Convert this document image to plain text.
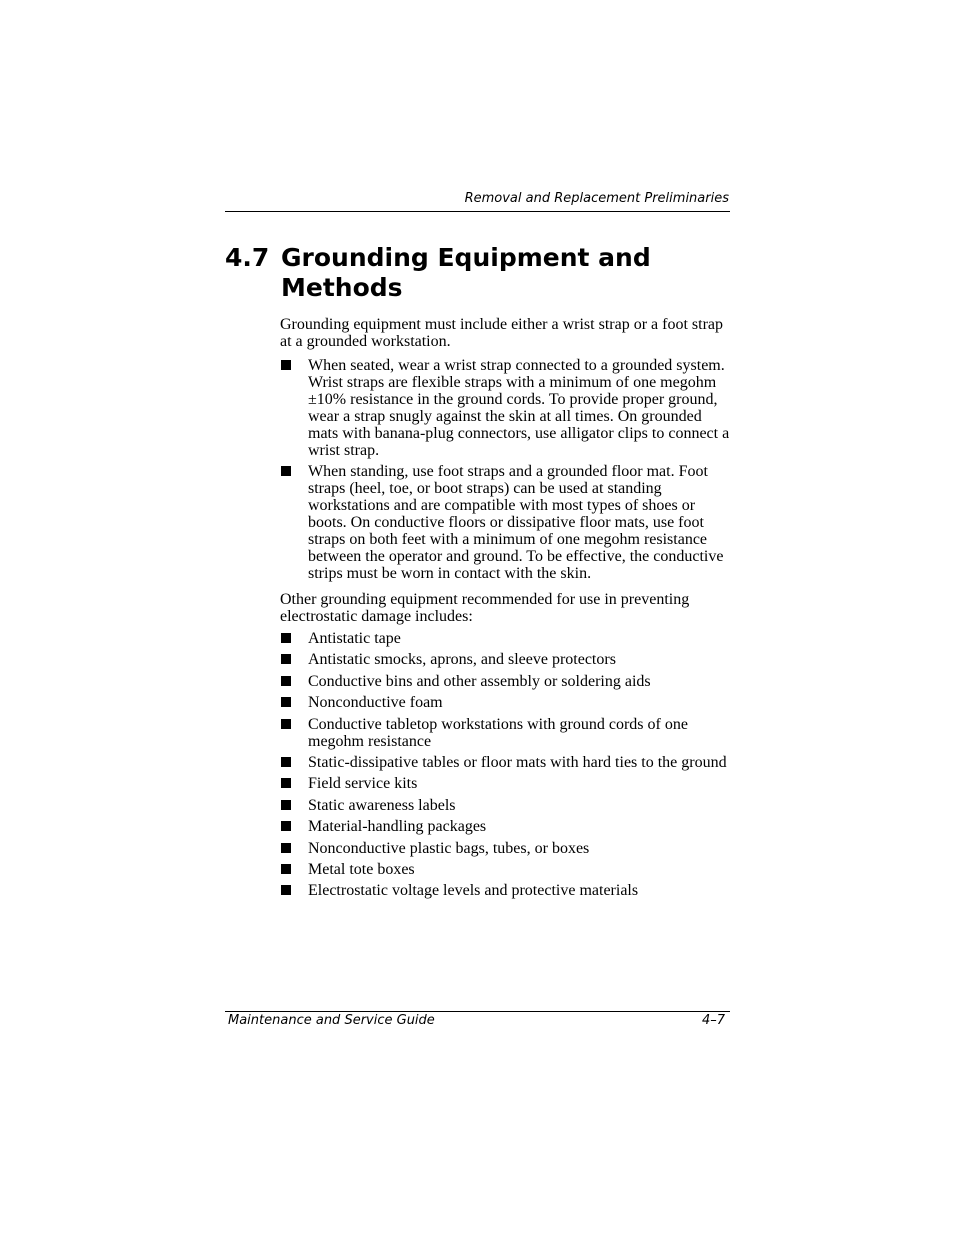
Removal and Replacement Preliminaries
4.7 Grounding Equipment and
Methods

Grounding equipment must include either a wrist strap or a foot strap at a grounded workstation.

When seated, wear a wrist strap connected to a grounded system. Wrist straps are flexible straps with a minimum of one megohm ±10% resistance in the ground cords. To provide proper ground, wear a strap snugly against the skin at all times. On grounded mats with banana-plug connectors, use alligator clips to connect a wrist strap.
When standing, use foot straps and a grounded floor mat. Foot straps (heel, toe, or boot straps) can be used at standing workstations and are compatible with most types of shoes or boots. On conductive floors or dissipative floor mats, use foot straps on both feet with a minimum of one megohm resistance between the operator and ground. To be effective, the conductive strips must be worn in contact with the skin.

Other grounding equipment recommended for use in preventing electrostatic damage includes:

Antistatic tape
Antistatic smocks, aprons, and sleeve protectors
Conductive bins and other assembly or soldering aids
Nonconductive foam
Conductive tabletop workstations with ground cords of one megohm resistance
Static-dissipative tables or floor mats with hard ties to the ground
Field service kits
Static awareness labels
Material-handling packages
Nonconductive plastic bags, tubes, or boxes
Metal tote boxes
Electrostatic voltage levels and protective materials
Maintenance and Service Guide	4–7
